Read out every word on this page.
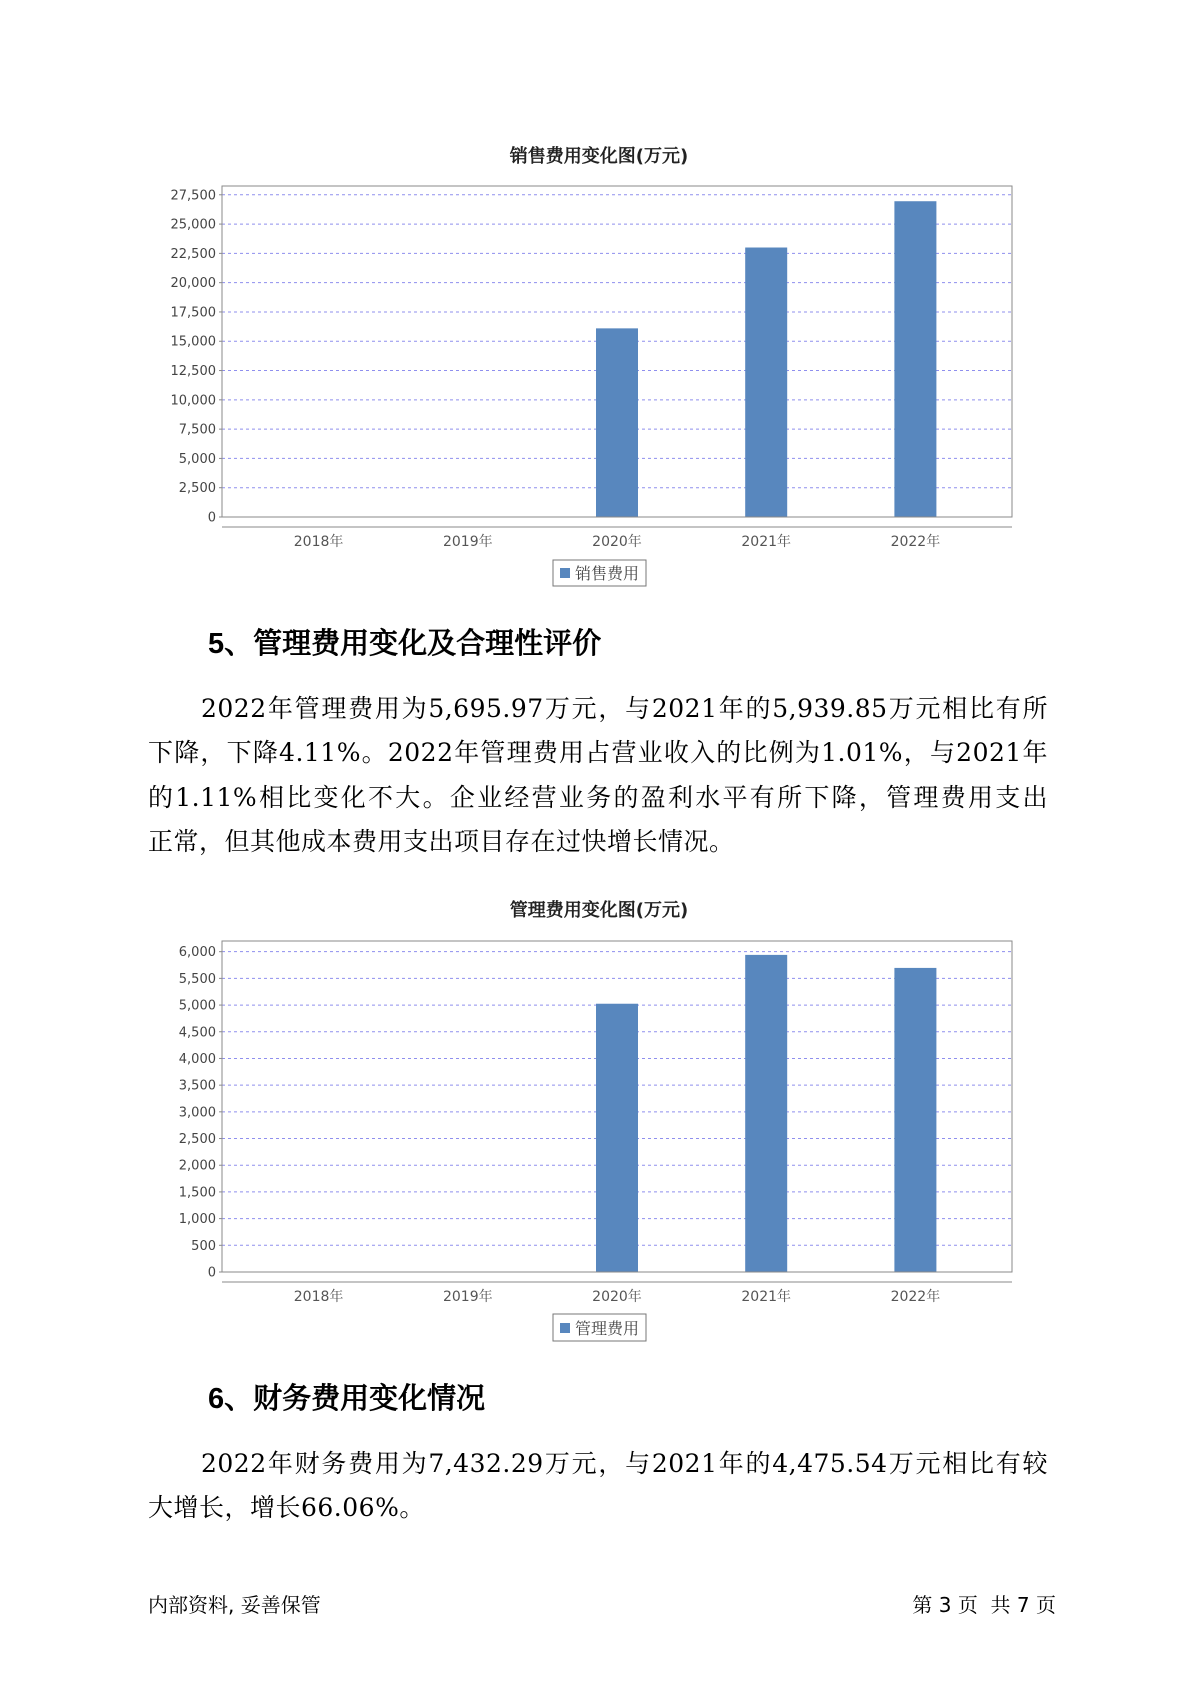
销售费用变化图(万元)
0
2,500
5,000
7,500
10,000
12,500
15,000
17,500
20,000
22,500
25,000
27,500
2018年	2019年	2020年	2021年	2022年
销售费用
5、管理费用变化及合理性评价
2022年管理费用为5,695.97万元，与2021年的5,939.85万元相比有所
下降，下降4.11%。2022年管理费用占营业收入的比例为1.01%，与2021年
的1.11%相比变化不大。企业经营业务的盈利水平有所下降，管理费用支出
正常，但其他成本费用支出项目存在过快增长情况。
管理费用变化图(万元)
0
500
1,000
1,500
2,000
2,500
3,000
3,500
4,000
4,500
5,000
5,500
6,000
2018年	2019年	2020年	2021年	2022年
管理费用
6、财务费用变化情况
2022年财务费用为7,432.29万元，与2021年的4,475.54万元相比有较
大增长，增长66.06%。
内部资料, 妥善保管	第 3 页  共 7 页
